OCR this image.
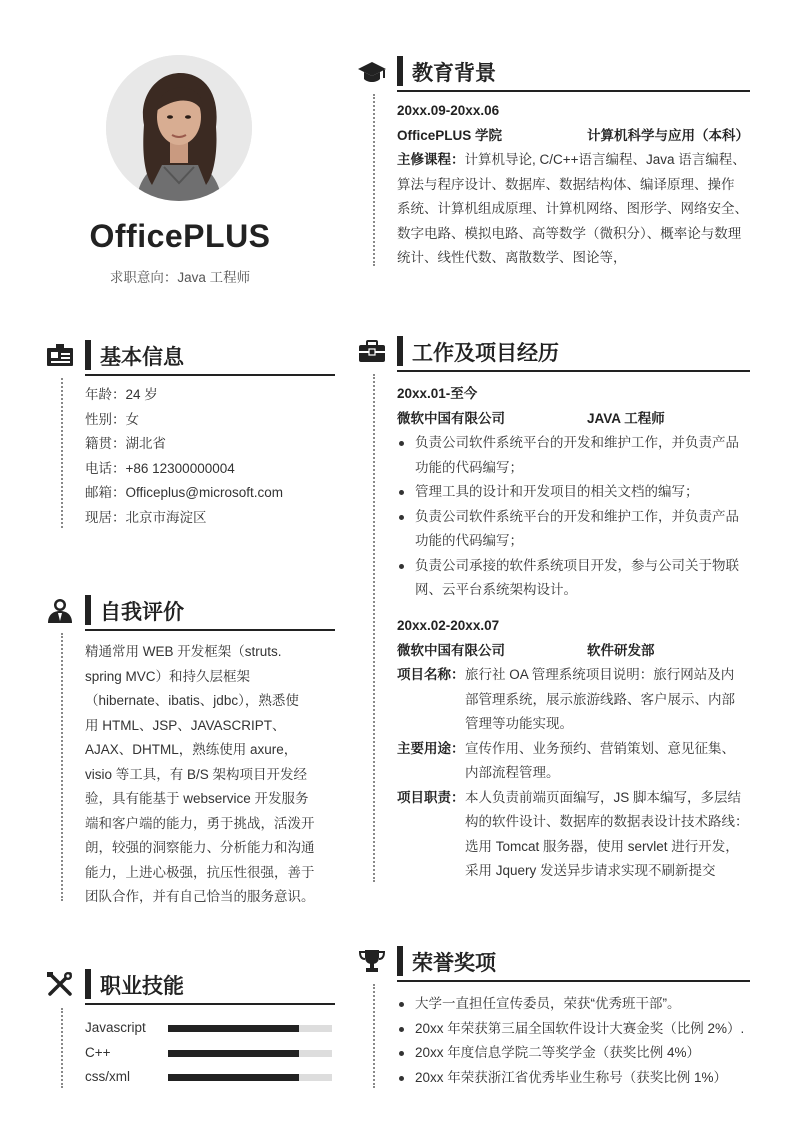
OfficePLUS
求职意向：Java 工程师
基本信息
年龄：24 岁
性别：女
籍贯：湖北省
电话：+86 12300000004
邮箱：Officeplus@microsoft.com
现居：北京市海淀区
自我评价
精通常用 WEB 开发框架（struts.
spring MVC）和持久层框架
（hibernate、ibatis、jdbc），熟悉使
用 HTML、JSP、JAVASCRIPT、
AJAX、DHTML，熟练使用 axure，
visio 等工具，有 B/S 架构项目开发经
验，具有能基于 webservice 开发服务
端和客户端的能力，勇于挑战，活泼开
朗，较强的洞察能力、分析能力和沟通
能力，上进心极强，抗压性很强，善于
团队合作，并有自己恰当的服务意识。
职业技能
Javascript
C++
css/xml
教育背景
20xx.09-20xx.06
OfficePLUS 学院	计算机科学与应用（本科）
主修课程：计算机导论, C/C++语言编程、Java 语言编程、
算法与程序设计、数据库、数据结构体、编译原理、操作
系统、计算机组成原理、计算机网络、图形学、网络安全、
数字电路、模拟电路、高等数学（微积分）、概率论与数理
统计、线性代数、离散数学、图论等，
工作及项目经历
20xx.01-至今
微软中国有限公司	JAVA 工程师
负责公司软件系统平台的开发和维护工作，并负责产品
功能的代码编写；
管理工具的设计和开发项目的相关文档的编写；
负责公司软件系统平台的开发和维护工作，并负责产品
功能的代码编写；
负责公司承接的软件系统项目开发，参与公司关于物联
网、云平台系统架构设计。
20xx.02-20xx.07
微软中国有限公司	软件研发部
项目名称： 旅行社 OA 管理系统项目说明：旅行网站及内
部管理系统，展示旅游线路、客户展示、内部
管理等功能实现。
主要用途： 宣传作用、业务预约、营销策划、意见征集、
内部流程管理。
项目职责： 本人负责前端页面编写，JS 脚本编写，多层结
构的软件设计、数据库的数据表设计技术路线：
选用 Tomcat 服务器，使用 servlet 进行开发，
采用 Jquery 发送异步请求实现不刷新提交
荣誉奖项
大学一直担任宣传委员，荣获“优秀班干部”。
20xx 年荣获第三届全国软件设计大赛金奖（比例 2%）.
20xx 年度信息学院二等奖学金（获奖比例 4%）
20xx 年荣获浙江省优秀毕业生称号（获奖比例 1%）
